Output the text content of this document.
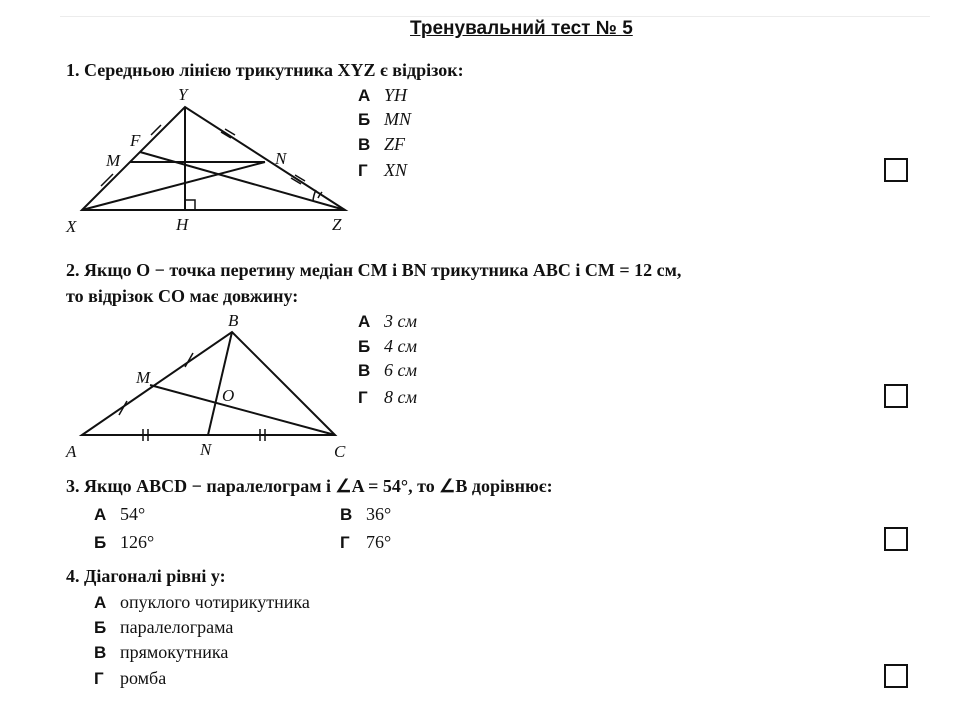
Тренувальний тест № 5
1. Середньою лінією трикутника XYZ є відрізок:
Y
F
M	N
X	H	Z
А YH
Б MN
В ZF
Г XN
2. Якщо O − точка перетину медіан CM і BN трикутника ABC і CM = 12 см,
то відрізок CO має довжину:
B
M
O
A	N	C
А 3 см
Б 4 см
В 6 см
Г 8 см
3. Якщо ABCD − паралелограм і ∠A = 54°, то ∠B дорівнює:
А 54°
Б 126°
В 36°
Г 76°
4. Діагоналі рівні у:
А опуклого чотирикутника
Б паралелограма
В прямокутника
Г ромба
